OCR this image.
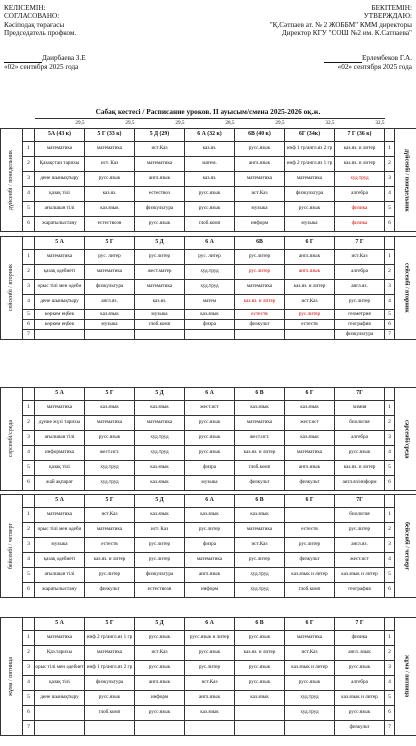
КЕЛІСЕМІН:
СОГЛАСОВАНО:
Кәсіподақ төрағасы
Председатель профком.

Даирбаева З.Е
«02» сентября 2025 года
БЕКІТЕМІН:
УТВЕРЖДАЮ:
"Қ.Сәтпаев ат. № 2 ЖОББМ" КММ директоры
Директор КГУ "СОШ №2 им. К.Сатпаева"

Ерлембеков Г.А.
«02» сентября 2025 года
Сабақ кестесі / Расписание уроков. II ауысым/смена 2025-2026 оқ.ж.
		29,5	29,5	29,5	28,5	29,5	32,5	32,5		

дүйсенбі / понедельник		5А (43 к)	5 Г (33 к)	5 Д (29)	6 А (32 к)	6В (40 к)	6Г (34к)	7 Г (36 к)		дүйсенбі / понедельник

	1	математика	математика	ист.Каз	каз.яз.	русс.язык	инф 1 гр/англ.яз 2 гр	каз.яз. и литер	1	
	2	Қазақстан тарихы	ист. Каз	математика	матем.	англ.язык	инф 2 гр/англ.яз 1 гр	каз.яз. и литер	2	
	3	дене шынықтыру	русс.язык	англ.язык	каз.яз.	математика	математика	худ.труд	3	
	4	қазақ тілі	каз.яз.	естествоз	русс.язык	ист.Каз	физкультура	алгебра	4	
	5	ағылшын тілі	каз.язык	физкультура	русс.язык	музыка	русс.язык	физика	5	
	6	жаратылыстану	естествозн	русс.язык	глоб.комп	информ	музыка	физика	6	
сейсенбі / вторник		5 А	5 Г	5 Д	6 А	6В	6 Г	7 Г		сейсенбі / вторник

	1	математика	рус. литер	рус.литер	рус. литер	рус.литер	англ.язык	ист.Каз	1	
	2	қазақ әдебиеті	математика	жест.матер	худ.труд	рус.литер	англ.язык	алгебра	2	
	3	орыс тілі мен әдеби	физкультура	математика	худ.труд	математика	каз.яз. и литер	англ.яз.	3	
	4	дене шынықтыру	англ.яз.	каз.яз.	матем	каз.яз. и литер	ист.Каз	рус.литер	4	
	5	көркем еңбек	каз.язык	музыка	каз.язык	естеств	рус.литер	геометрия	5	
	6	көркем еңбек	музыка	глоб.комп	физра	физкульт	естеств	география	6	
	7							физкультура	7	
сәрсенбі/среда		5 А	5 Г	5 Д	6 А	6 В	6 Г	7Г		сәрсенбі/среда

	1	математика	каз.язык	каз.язык	жест.ист	каз.язык	каз.язык	химия	1	
	2	дүние жүзі тарихы	математика	математика	русс.язык	математика	жест.ист	биология	2	
	3	ағылшын тілі	русс.язык	худ.труд	русс.язык	жест.ист.	каз.язык	алгебра	3	
	4	информатика	жест.ист.	худ.труд	русс.язык	каз.яз. и литер	математика	русс.язык	4	
	5	қазақ тілі	худ.труд	каз.язык	физра	глоб.комп	англ.язык	каз.яз. и литер	5	
	6	жай ақпарат	худ.труд	каз.язык	музыка	физкульт	физкульт	англ.яз/информ	6	
бейсенбі / четверг		5 А	5 Г	5 Д	6 А	6 В	6 Г	7Г		бейсенбі / четверг

	1	математика	ист.Каз	каз.язык	каз.язык	каз.язык		биология	1	
	2	орыс тілі мен әдеби	математика	ист. Каз	рус.литер	математика	естеств	рус.литер	2	
	3	музыка	естеств	рус.литер	физра	ист.Каз	рус.литер	англ.яз.	3	
	4	қазақ әдебиеті	каз.яз. и литер	рус.литер	математика	рус.литер	физкульт	жест.ист	4	
	5	ағылшын тілі	рус.литер	физкультура	англ.язык	худ.труд	каз.язык и литер	каз.язык и литер	5	
	6	жаратылыстану	физкульт	естествозн	информ	худ.труд	глоб.комп	география	6	
жұма / пятница		5 А	5 Г	5 Д	6 А	6 В	6 Г	7 Г		жұма / пятница

	1	математика	инф 2 гр/англ.яз 1 гр	русс.язык	русс.язык и литер	русс.язык	математика	физика	1	
	2	Қаз.тарихы	математика	ист.Каз	русс.язык	каз.яз. и литер	ист.Каз	англ. язык	2	
	3	орыс тілі мен әдебиет	инф 1 гр/англ.яз 2 гр	русс.язык	рус.литер	русс.язык	каз.язык и литер	русс.язык	3	
	4	қазақ тілі	физкультура	англ.язык	ист.Каз	русс.язык	русс.язык	алгебра	4	
	5	дене шынықтыру	русс.язык	информ	англ.язык	каз.язык	худ.труд	каз.язык и литер	5	
	6		глоб.комп	русс.язык	каз.язык		худ.труд	русс.язык	6	
	7							физкульт	7	
